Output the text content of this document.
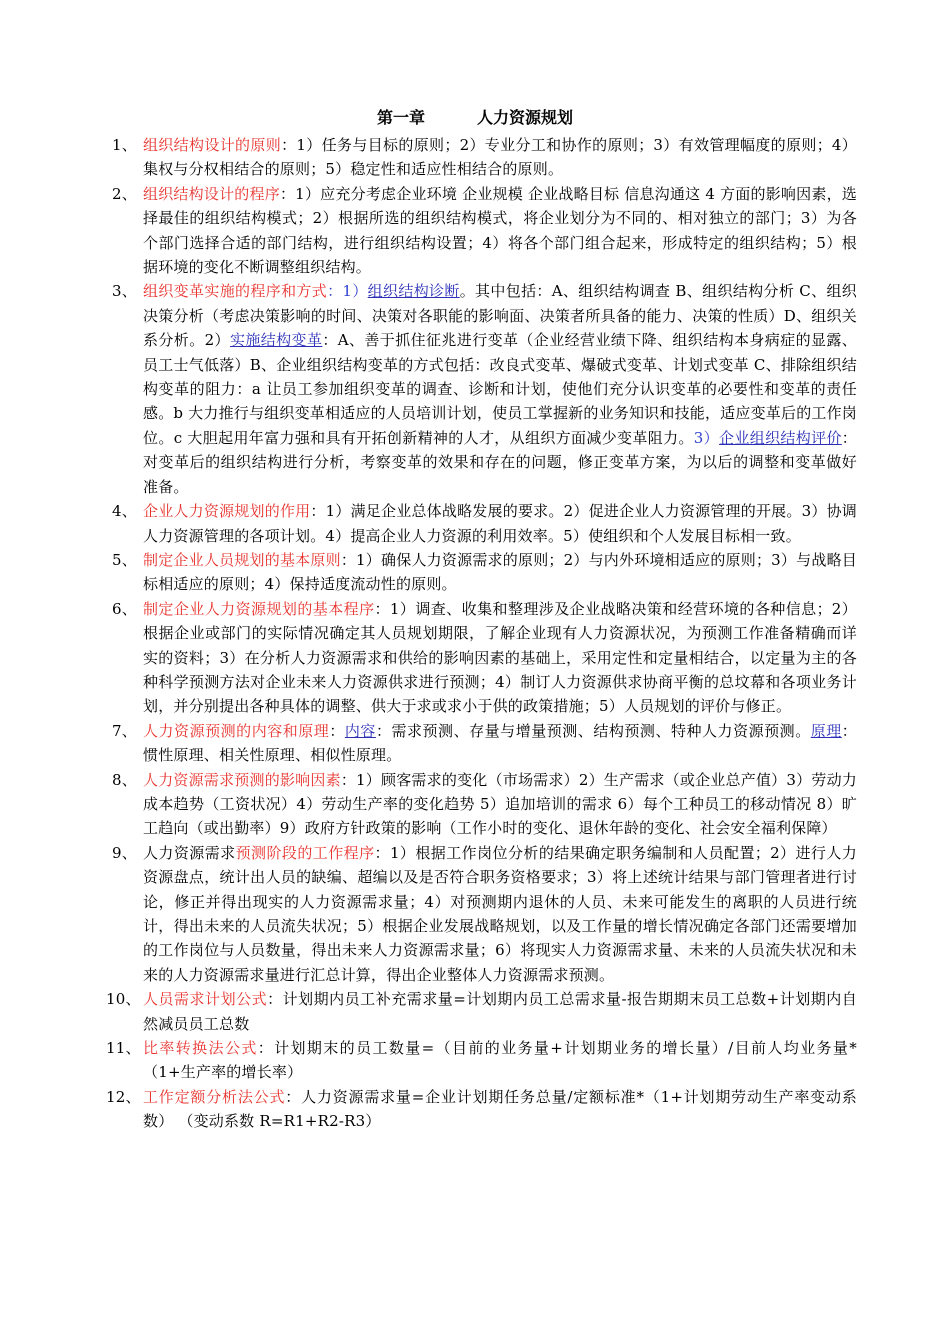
第一章	人力资源规划
1、 组织结构设计的原则：1）任务与目标的原则；2）专业分工和协作的原则；3）有效管理幅度的原则；4）集权与分权相结合的原则；5）稳定性和适应性相结合的原则。
2、 组织结构设计的程序：1）应充分考虑企业环境 企业规模 企业战略目标 信息沟通这 4 方面的影响因素，选择最佳的组织结构模式；2）根据所选的组织结构模式，将企业划分为不同的、相对独立的部门；3）为各个部门选择合适的部门结构，进行组织结构设置；4）将各个部门组合起来，形成特定的组织结构；5）根据环境的变化不断调整组织结构。
3、 组织变革实施的程序和方式：1）组织结构诊断。其中包括：A、组织结构调查 B、组织结构分析 C、组织决策分析（考虑决策影响的时间、决策对各职能的影响面、决策者所具备的能力、决策的性质）D、组织关系分析。2）实施结构变革：A、善于抓住征兆进行变革（企业经营业绩下降、组织结构本身病症的显露、员工士气低落）B、企业组织结构变革的方式包括：改良式变革、爆破式变革、计划式变革 C、排除组织结构变革的阻力：a 让员工参加组织变革的调查、诊断和计划，使他们充分认识变革的必要性和变革的责任感。b 大力推行与组织变革相适应的人员培训计划，使员工掌握新的业务知识和技能，适应变革后的工作岗位。c 大胆起用年富力强和具有开拓创新精神的人才，从组织方面减少变革阻力。3）企业组织结构评价：对变革后的组织结构进行分析，考察变革的效果和存在的问题，修正变革方案，为以后的调整和变革做好准备。
4、 企业人力资源规划的作用：1）满足企业总体战略发展的要求。2）促进企业人力资源管理的开展。3）协调人力资源管理的各项计划。4）提高企业人力资源的利用效率。5）使组织和个人发展目标相一致。
5、 制定企业人员规划的基本原则：1）确保人力资源需求的原则；2）与内外环境相适应的原则；3）与战略目标相适应的原则；4）保持适度流动性的原则。
6、 制定企业人力资源规划的基本程序：1）调查、收集和整理涉及企业战略决策和经营环境的各种信息；2）根据企业或部门的实际情况确定其人员规划期限，了解企业现有人力资源状况，为预测工作准备精确而详实的资料；3）在分析人力资源需求和供给的影响因素的基础上，采用定性和定量相结合，以定量为主的各种科学预测方法对企业未来人力资源供求进行预测；4）制订人力资源供求协商平衡的总坟幕和各项业务计划，并分别提出各种具体的调整、供大于求或求小于供的政策措施；5）人员规划的评价与修正。
7、 人力资源预测的内容和原理：内容：需求预测、存量与增量预测、结构预测、特种人力资源预测。原理：惯性原理、相关性原理、相似性原理。
8、 人力资源需求预测的影响因素：1）顾客需求的变化（市场需求）2）生产需求（或企业总产值）3）劳动力成本趋势（工资状况）4）劳动生产率的变化趋势 5）追加培训的需求 6）每个工种员工的移动情况 8）旷工趋向（或出勤率）9）政府方针政策的影响（工作小时的变化、退休年龄的变化、社会安全福利保障）
9、 人力资源需求预测阶段的工作程序：1）根据工作岗位分析的结果确定职务编制和人员配置；2）进行人力资源盘点，统计出人员的缺编、超编以及是否符合职务资格要求；3）将上述统计结果与部门管理者进行讨论，修正并得出现实的人力资源需求量；4）对预测期内退休的人员、未来可能发生的离职的人员进行统计，得出未来的人员流失状况；5）根据企业发展战略规划，以及工作量的增长情况确定各部门还需要增加的工作岗位与人员数量，得出未来人力资源需求量；6）将现实人力资源需求量、未来的人员流失状况和未来的人力资源需求量进行汇总计算，得出企业整体人力资源需求预测。
10、 人员需求计划公式：计划期内员工补充需求量=计划期内员工总需求量-报告期期末员工总数+计划期内自然减员员工总数
11、 比率转换法公式：计划期末的员工数量=（目前的业务量+计划期业务的增长量）/目前人均业务量*（1+生产率的增长率）
12、 工作定额分析法公式：人力资源需求量=企业计划期任务总量/定额标准*（1+计划期劳动生产率变动系数） （变动系数 R=R1+R2-R3）
